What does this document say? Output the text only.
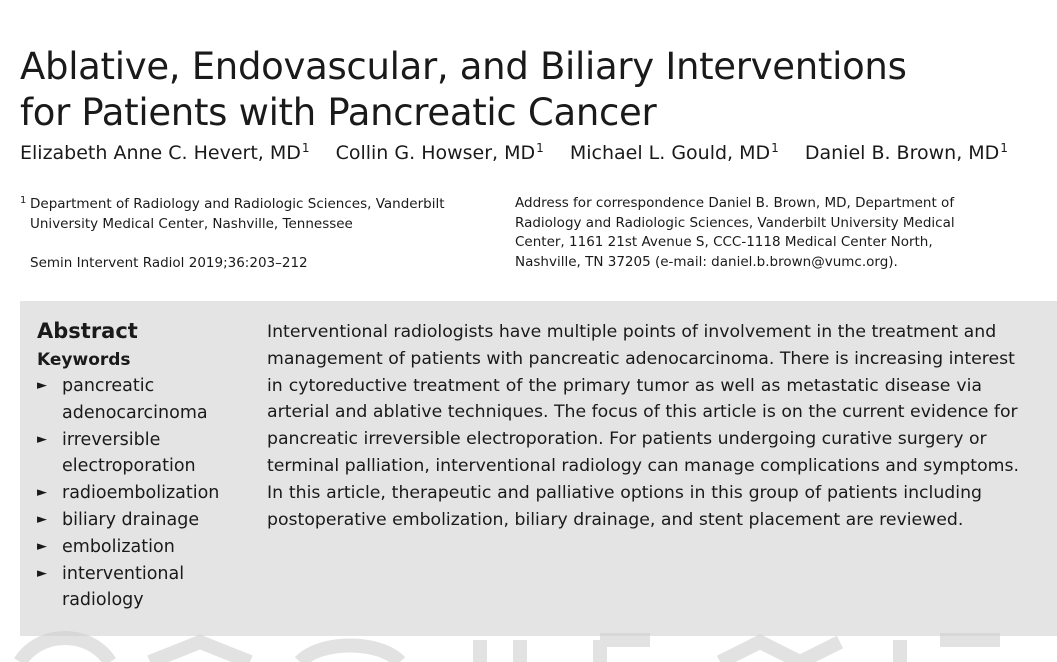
Ablative, Endovascular, and Biliary Interventions
for Patients with Pancreatic Cancer
Elizabeth Anne C. Hevert, $MD^1$ Collin G. Howser, $MD^1$ Michael L. Gould, $MD^1$ Daniel B. Brown, $MD^1$
1 Department of Radiology and Radiologic Sciences, Vanderbilt
University Medical Center, Nashville, Tennessee
Semin Intervent Radiol 2019;36:203–212
Address for correspondence Daniel B. Brown, MD, Department of
Radiology and Radiologic Sciences, Vanderbilt University Medical
Center, 1161 21st Avenue S, CCC-1118 Medical Center North,
Nashville, TN 37205 (e-mail: daniel.b.brown@vumc.org).
Abstract
Keywords
► pancreatic
adenocarcinoma
► irreversible
electroporation
► radioembolization
► biliary drainage
► embolization
► interventional
radiology

Interventional radiologists have multiple points of involvement in the treatment and
management of patients with pancreatic adenocarcinoma. There is increasing interest
in cytoreductive treatment of the primary tumor as well as metastatic disease via
arterial and ablative techniques. The focus of this article is on the current evidence for
pancreatic irreversible electroporation. For patients undergoing curative surgery or
terminal palliation, interventional radiology can manage complications and symptoms.
In this article, therapeutic and palliative options in this group of patients including
postoperative embolization, biliary drainage, and stent placement are reviewed.
